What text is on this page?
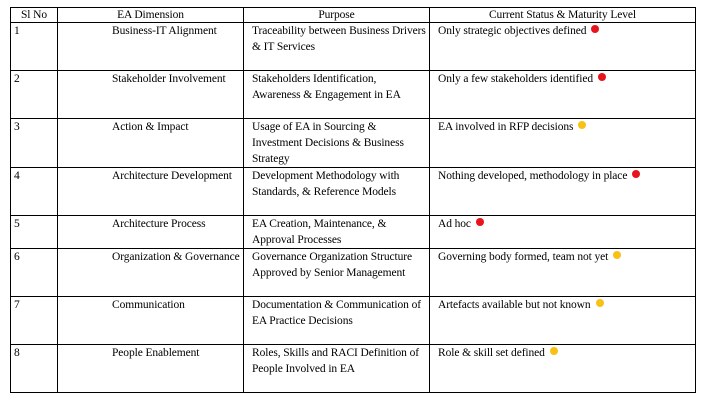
Sl No	EA Dimension	Purpose	Current Status & Maturity Level
1	Business-IT Alignment	Traceability between Business Drivers & IT Services	Only strategic objectives defined
2	Stakeholder Involvement	Stakeholders Identification, Awareness & Engagement in EA	Only a few stakeholders identified
3	Action & Impact	Usage of EA in Sourcing & Investment Decisions & Business Strategy	EA involved in RFP decisions
4	Architecture Development	Development Methodology with Standards, & Reference Models	Nothing developed, methodology in place
5	Architecture Process	EA Creation, Maintenance, & Approval Processes	Ad hoc
6	Organization & Governance	Governance Organization Structure Approved by Senior Management	Governing body formed, team not yet
7	Communication	Documentation & Communication of EA Practice Decisions	Artefacts available but not known
8	People Enablement	Roles, Skills and RACI Definition of People Involved in EA	Role & skill set defined
